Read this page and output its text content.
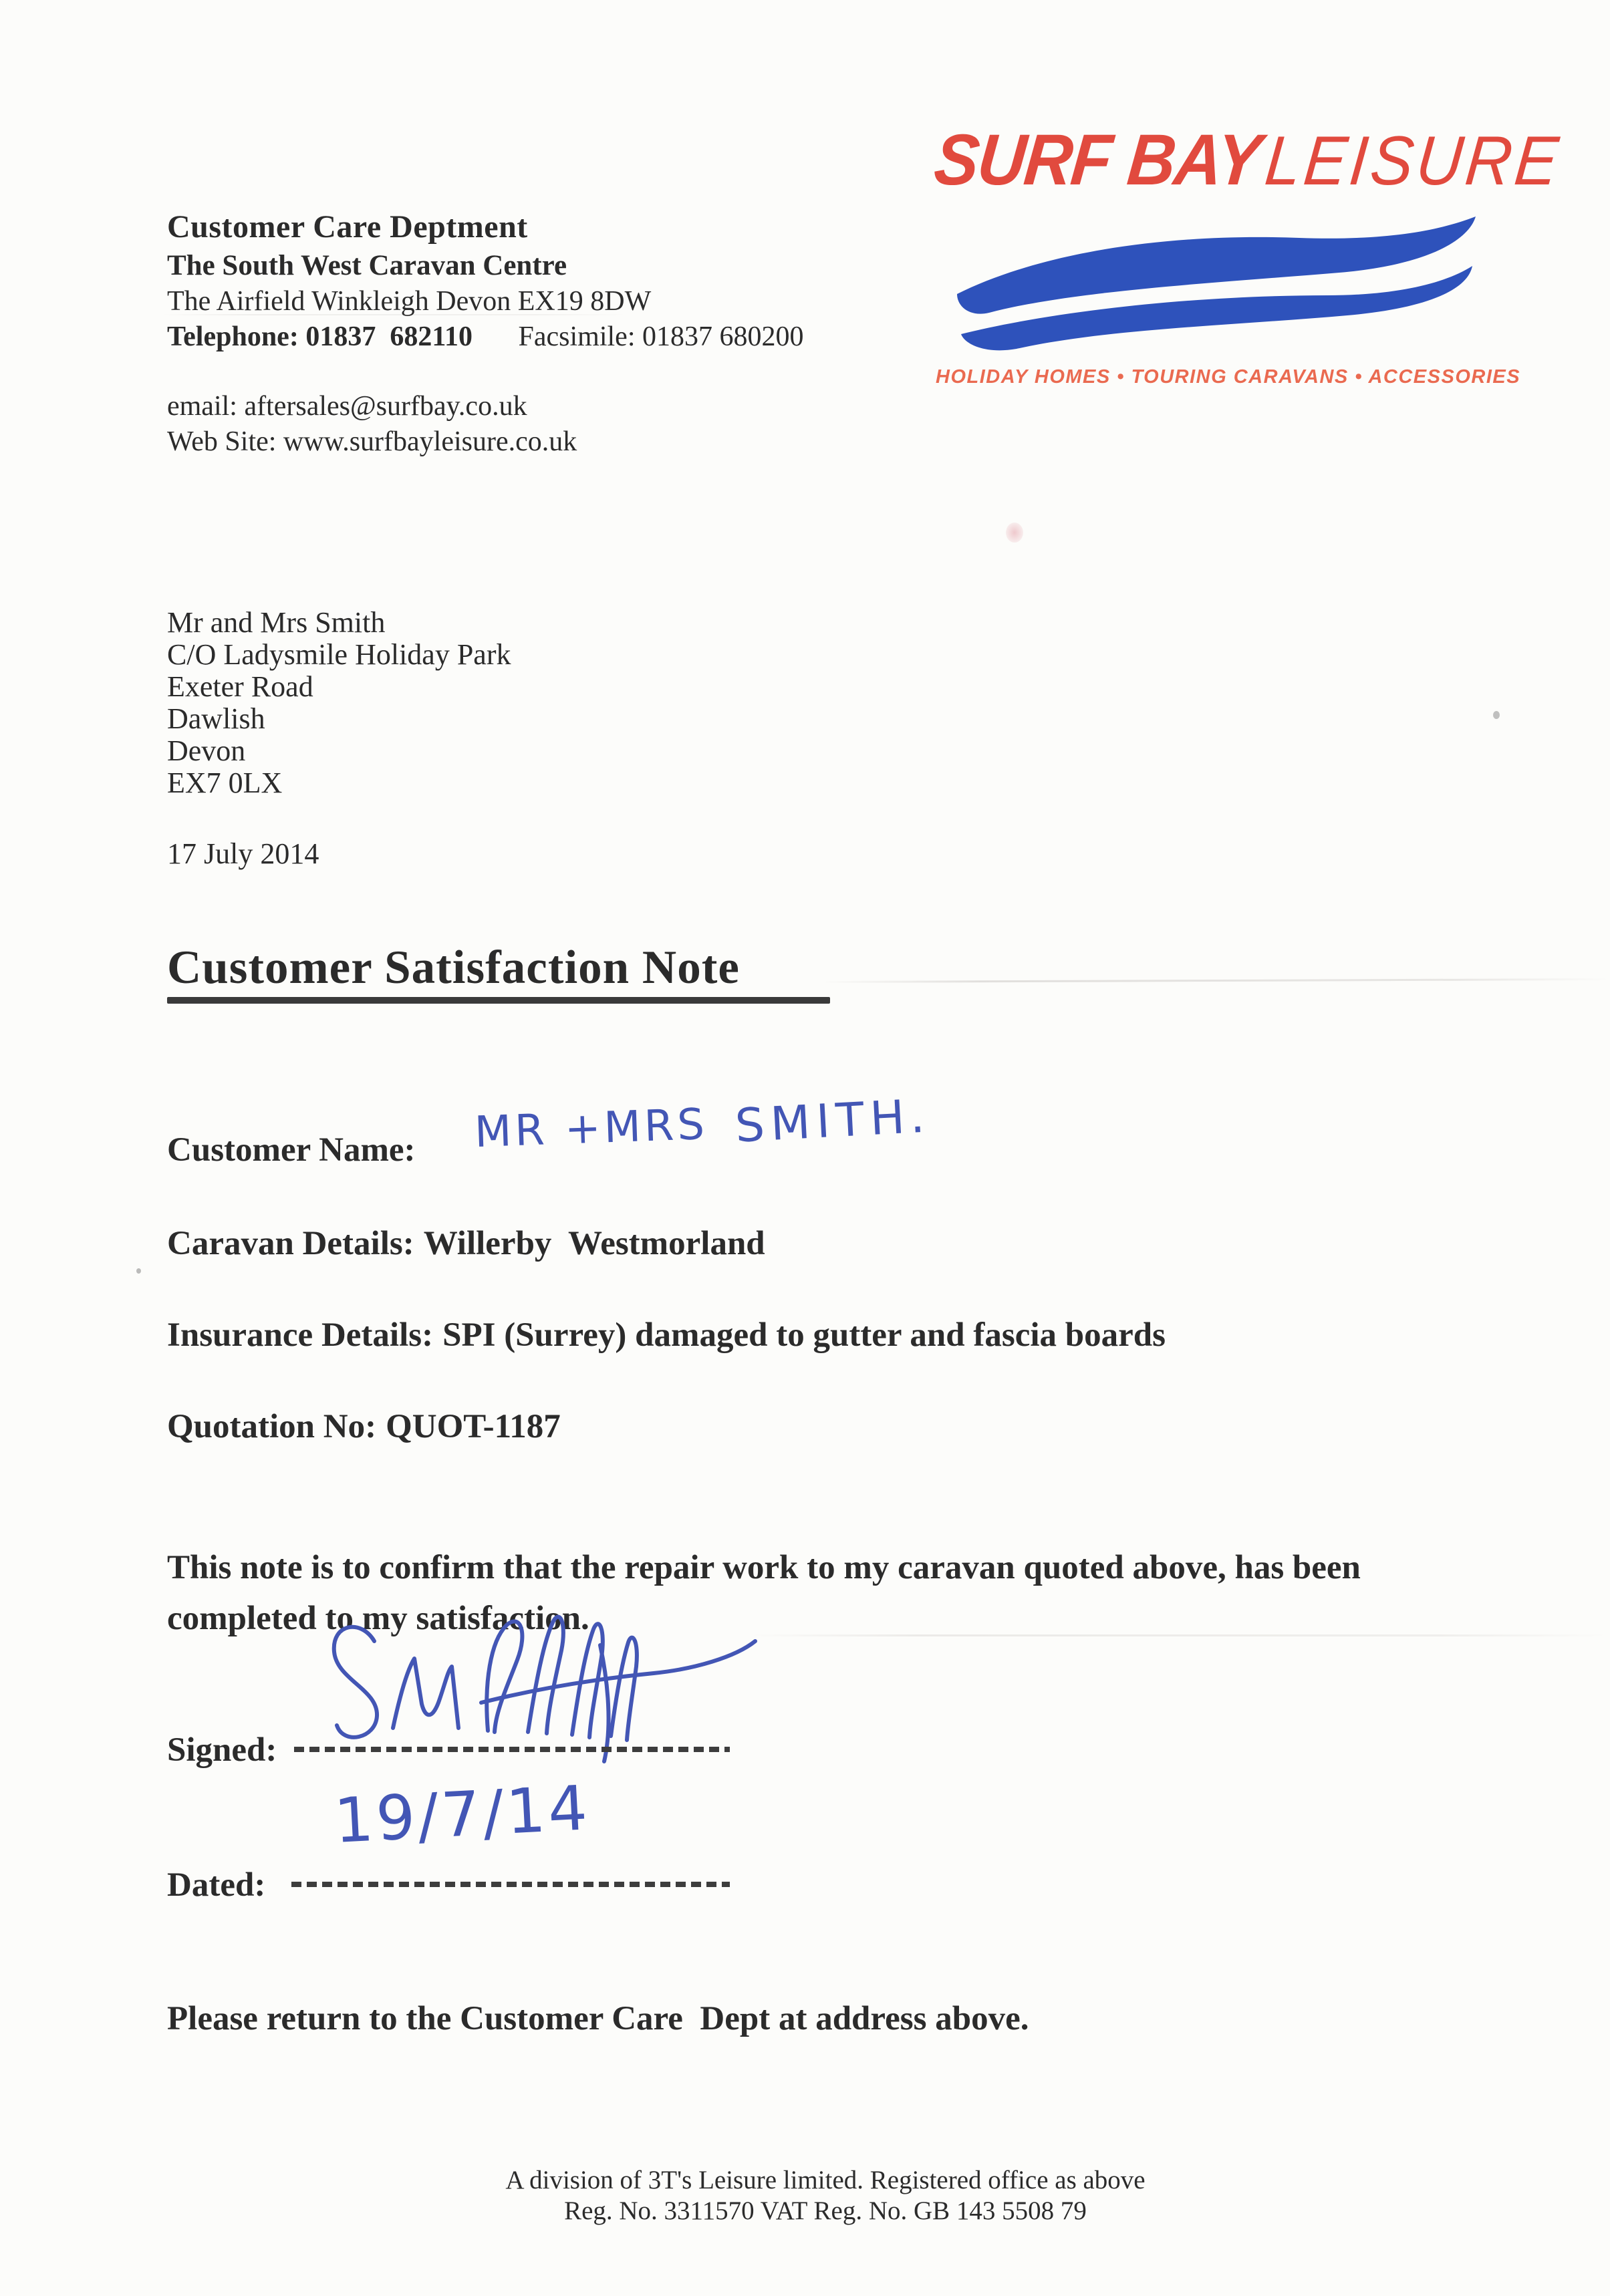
Customer Care Deptment
The South West Caravan Centre
The Airfield Winkleigh Devon EX19 8DW
Telephone: 01837  682110 Facsimile: 01837 680200
email: aftersales@surfbay.co.uk
Web Site: www.surfbayleisure.co.uk

SURF BAYLEISURE

HOLIDAY HOMES • TOURING CARAVANS • ACCESSORIES
Mr and Mrs Smith
C/O Ladysmile Holiday Park
Exeter Road
Dawlish
Devon
EX7 0LX
17 July 2014
Customer Satisfaction Note
Customer Name: MR +MRS SMITH.
Caravan Details: Willerby  Westmorland
Insurance Details: SPI (Surrey) damaged to gutter and fascia boards
Quotation No: QUOT-1187
This note is to confirm that the repair work to my caravan quoted above, has been completed to my satisfaction.
Signed:
19/7/14
Dated:
Please return to the Customer Care  Dept at address above.
A division of 3T's Leisure limited. Registered office as above
Reg. No. 3311570 VAT Reg. No. GB 143 5508 79
